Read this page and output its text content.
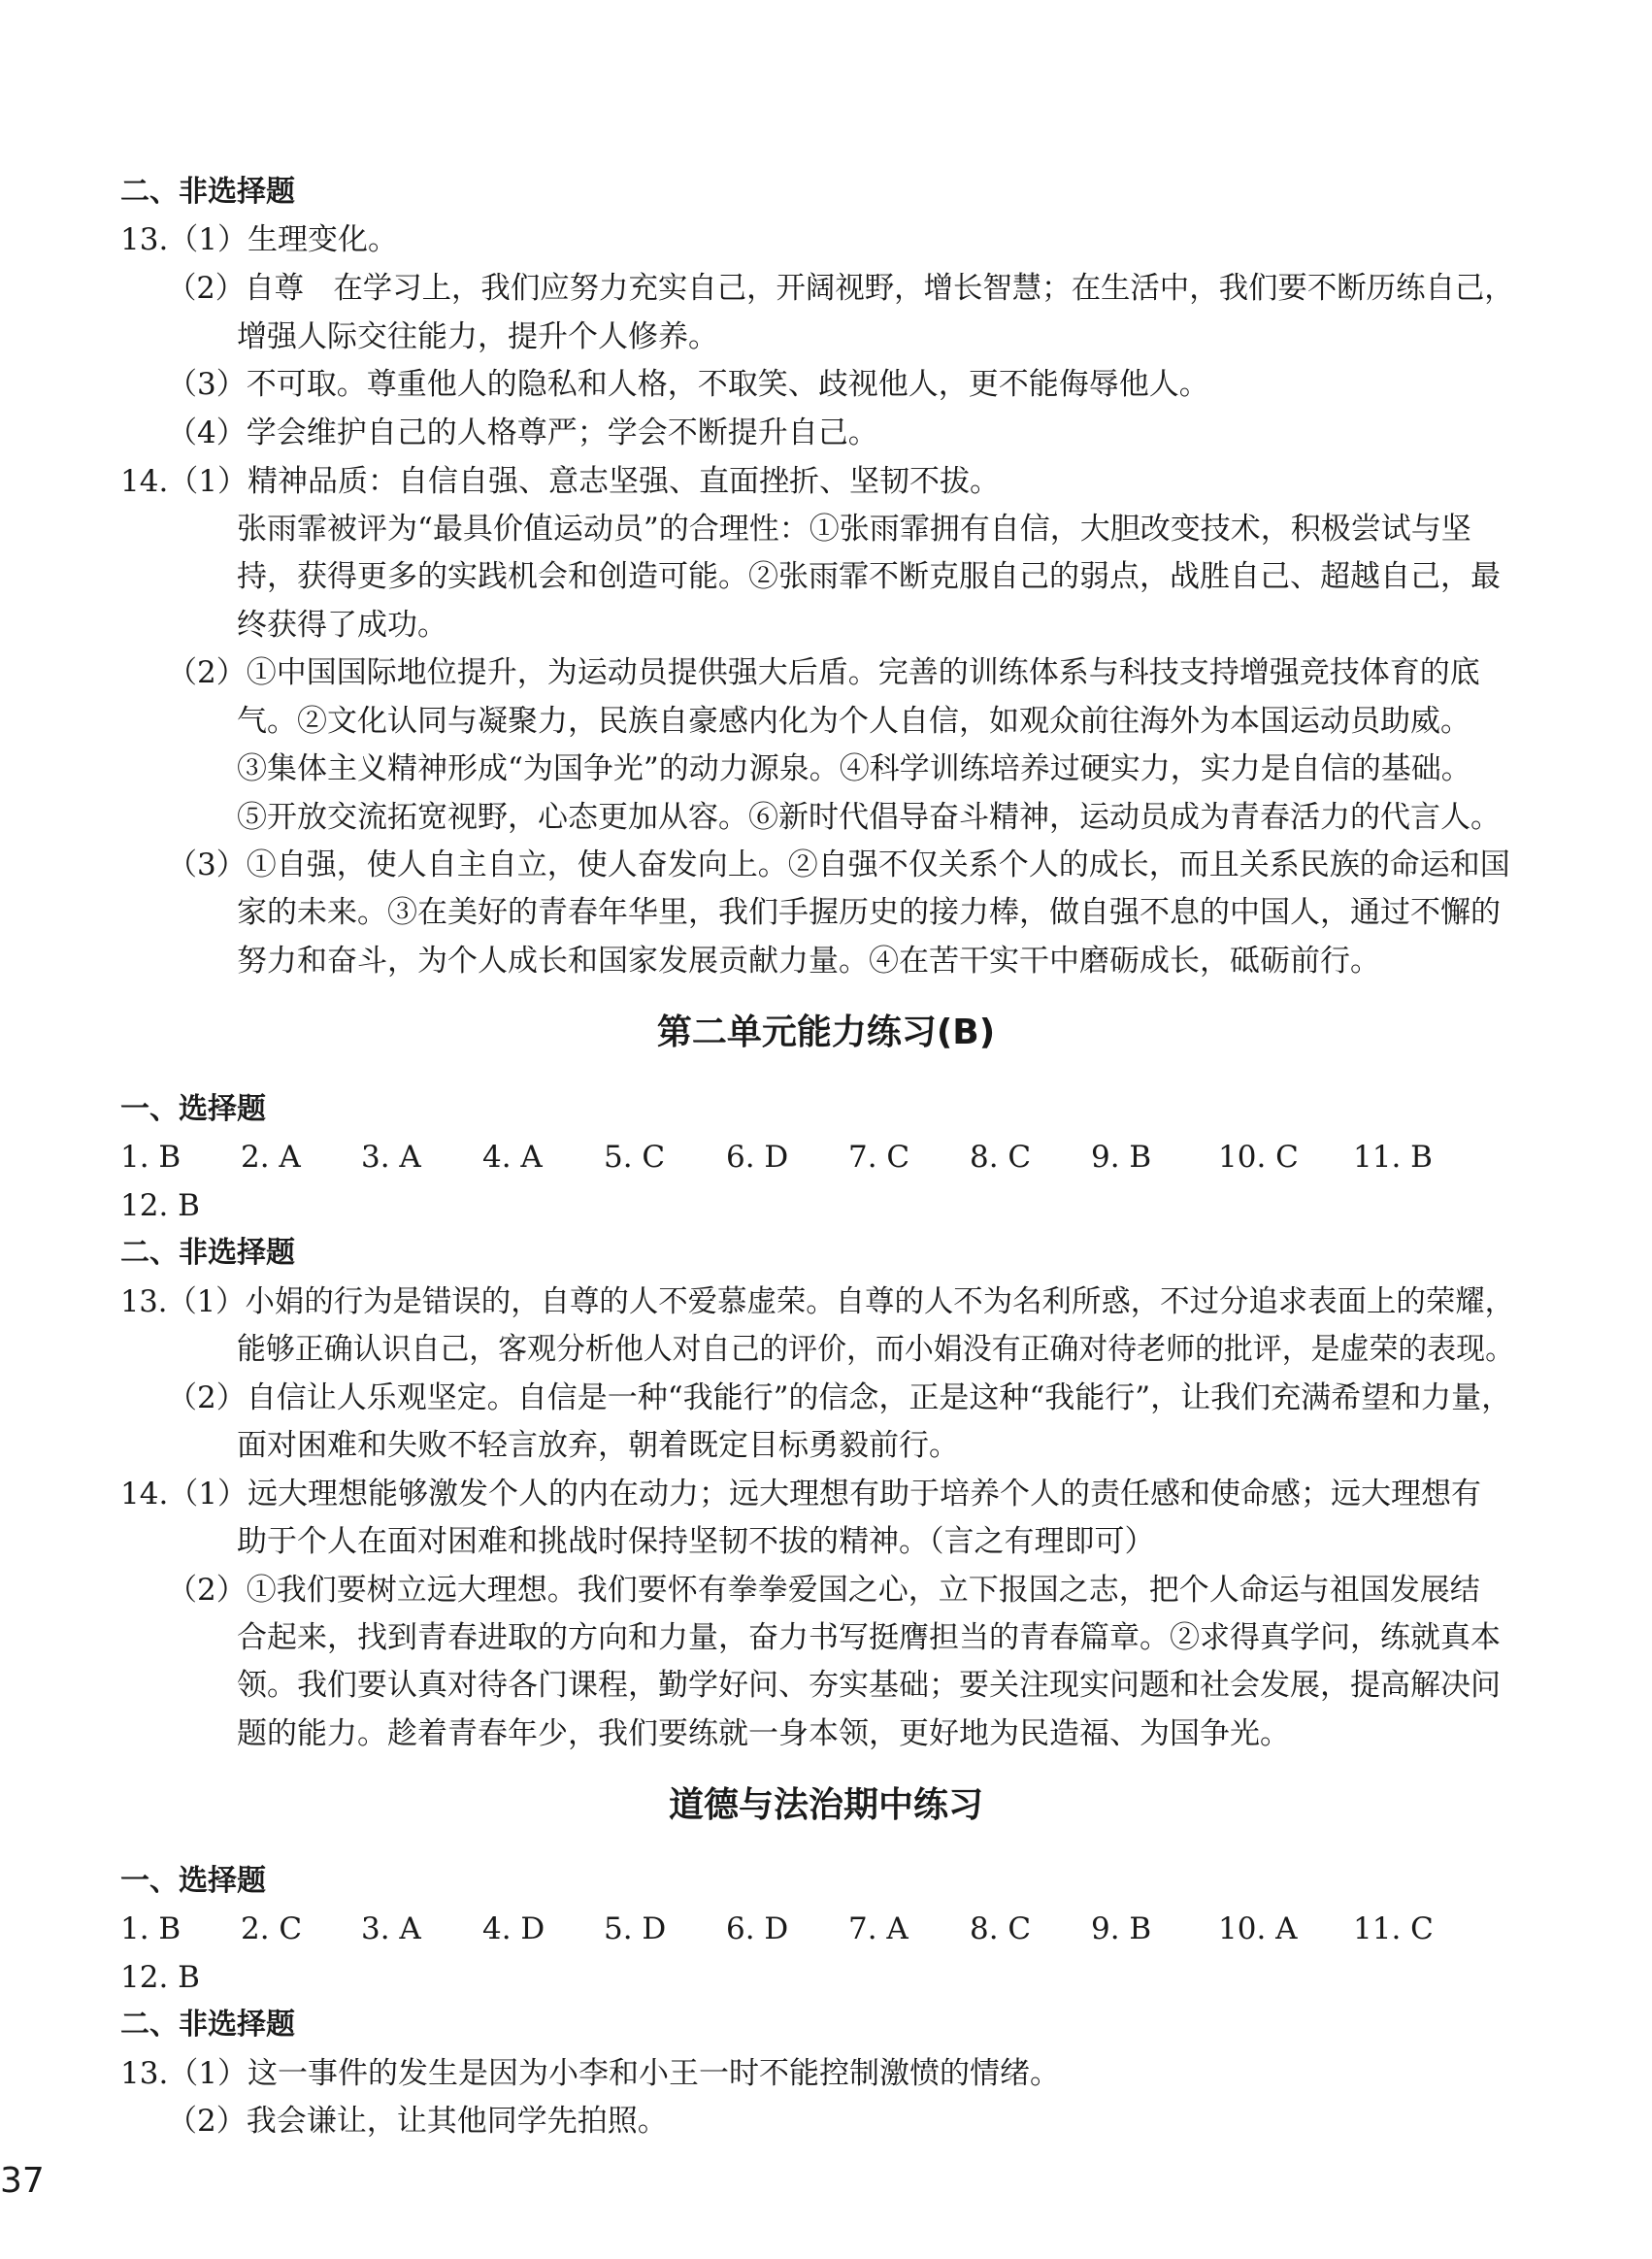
二、非选择题
13.（1）生理变化。
（2）自尊　在学习上，我们应努力充实自己，开阔视野，增长智慧；在生活中，我们要不断历练自己，
增强人际交往能力，提升个人修养。
（3）不可取。尊重他人的隐私和人格，不取笑、歧视他人，更不能侮辱他人。
（4）学会维护自己的人格尊严；学会不断提升自己。
14.（1）精神品质：自信自强、意志坚强、直面挫折、坚韧不拔。
张雨霏被评为“最具价值运动员”的合理性：①张雨霏拥有自信，大胆改变技术，积极尝试与坚
持，获得更多的实践机会和创造可能。②张雨霏不断克服自己的弱点，战胜自己、超越自己，最
终获得了成功。
（2）①中国国际地位提升，为运动员提供强大后盾。完善的训练体系与科技支持增强竞技体育的底
气。②文化认同与凝聚力，民族自豪感内化为个人自信，如观众前往海外为本国运动员助威。
③集体主义精神形成“为国争光”的动力源泉。④科学训练培养过硬实力，实力是自信的基础。
⑤开放交流拓宽视野，心态更加从容。⑥新时代倡导奋斗精神，运动员成为青春活力的代言人。
（3）①自强，使人自主自立，使人奋发向上。②自强不仅关系个人的成长，而且关系民族的命运和国
家的未来。③在美好的青春年华里，我们手握历史的接力棒，做自强不息的中国人，通过不懈的
努力和奋斗，为个人成长和国家发展贡献力量。④在苦干实干中磨砺成长，砥砺前行。
第二单元能力练习(B)
一、选择题
1. B 2. A 3. A 4. A 5. C 6. D 7. C 8. C 9. B 10. C 11. B
12. B
二、非选择题
13.（1）小娟的行为是错误的，自尊的人不爱慕虚荣。自尊的人不为名利所惑，不过分追求表面上的荣耀，
能够正确认识自己，客观分析他人对自己的评价，而小娟没有正确对待老师的批评，是虚荣的表现。
（2）自信让人乐观坚定。自信是一种“我能行”的信念，正是这种“我能行”，让我们充满希望和力量，
面对困难和失败不轻言放弃，朝着既定目标勇毅前行。
14.（1）远大理想能够激发个人的内在动力；远大理想有助于培养个人的责任感和使命感；远大理想有
助于个人在面对困难和挑战时保持坚韧不拔的精神。（言之有理即可）
（2）①我们要树立远大理想。我们要怀有拳拳爱国之心，立下报国之志，把个人命运与祖国发展结
合起来，找到青春进取的方向和力量，奋力书写挺膺担当的青春篇章。②求得真学问，练就真本
领。我们要认真对待各门课程，勤学好问、夯实基础；要关注现实问题和社会发展，提高解决问
题的能力。趁着青春年少，我们要练就一身本领，更好地为民造福、为国争光。
道德与法治期中练习
一、选择题
1. B 2. C 3. A 4. D 5. D 6. D 7. A 8. C 9. B 10. A 11. C
12. B
二、非选择题
13.（1）这一事件的发生是因为小李和小王一时不能控制激愤的情绪。
（2）我会谦让，让其他同学先拍照。
37
